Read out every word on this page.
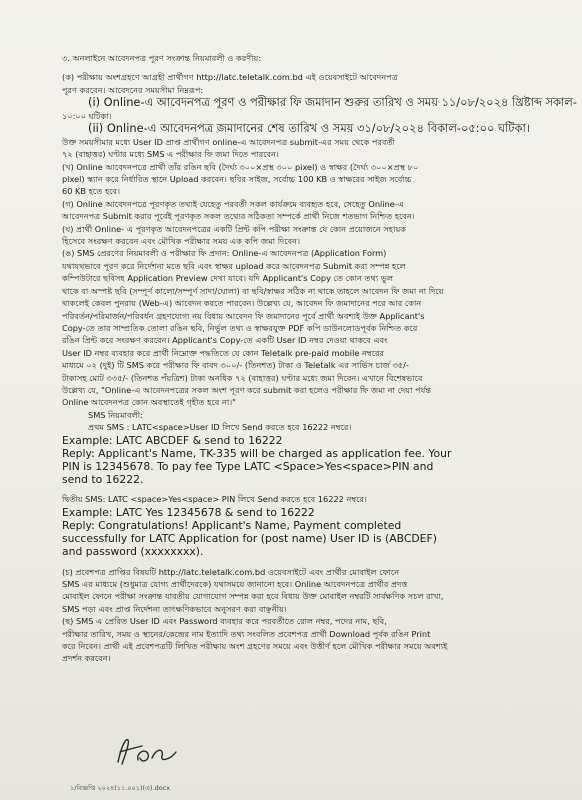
৩. অনলাইনে আবেদনপত্র পূরণ সংক্রান্ত নিয়মাবলী ও করণীয়:
(ক) পরীক্ষায় অংশগ্রহণে আগ্রহী প্রার্থীগণ http://latc.teletalk.com.bd এই ওয়েবসাইটে আবেদনপত্র
পূরণ করবেন। আবেদনের সময়সীমা নিম্নরূপ:
(i) Online-এ আবেদনপত্র পূরণ ও পরীক্ষার ফি জমাদান শুরুর তারিখ ও সময় ১১/০৮/২০২৪ খ্রিষ্টাব্দ সকাল-
১০:০০ ঘটিকা।
(ii) Online-এ আবেদনপত্র জমাদানের শেষ তারিখ ও সময় ৩১/০৮/২০২৪ বিকাল-০৫:০০ ঘটিকা।
উক্ত সময়সীমার মধ্যে User ID প্রাপ্ত প্রার্থীগণ online-এ আবেদনপত্র submit-এর সময় থেকে পরবর্তী
৭২ (বাহাত্তর) ঘণ্টার মধ্যে SMS এ পরীক্ষার ফি জমা দিতে পারবেন।
(খ) Online আবেদনপত্রে প্রার্থী তাঁর রঙিন ছবি (দৈর্ঘ্য ৩০০×প্রস্থ ৩০০ pixel) ও স্বাক্ষর (দৈর্ঘ্য ৩০০×প্রস্থ ৮০
pixel) স্ক্যান করে নির্ধারিত স্থানে Upload করবেন। ছবির সাইজ, সর্বোচ্চ 100 KB ও স্বাক্ষরের সাইজ সর্বোচ্চ
60 KB হতে হবে।
(গ) Online আবেদনপত্রে পূরণকৃত তথ্যই যেহেতু পরবর্তী সকল কার্যক্রমে ব্যবহৃত হবে, সেহেতু Online-এ
আবেদনপত্র Submit করার পূর্বেই পূরণকৃত সকল তথ্যের সঠিকতা সম্পর্কে প্রার্থী নিজে শতভাগ নিশ্চিত হবেন।
(ঘ) প্রার্থী Online- এ পূরণকৃত আবেদনপত্রের একটি প্রিন্ট কপি পরীক্ষা সংক্রান্ত যে কোন প্রয়োজনে সহায়ক
হিসেবে সংরক্ষণ করবেন এবং মৌখিক পরীক্ষার সময় এক কপি জমা দিবেন।
(ঙ) SMS প্রেরণের নিয়মাবলী ও পরীক্ষার ফি প্রদান: Online-এ আবেদনপত্র (Application Form)
যথাযথভাবে পূরণ করে নির্দেশনা মতে ছবি এবং স্বাক্ষর upload করে আবেদনপত্র Submit করা সম্পন্ন হলে
কম্পিউটারে ছবিসহ Application Preview দেখা যাবে। যদি Applicant's Copy তে কোন তথ্য ভুল
থাকে বা অস্পষ্ট ছবি (সম্পূর্ণ কালো/সম্পূর্ণ সাদা/ঘোলা) বা ছবি/স্বাক্ষর সঠিক না থাকে তাহলে আবেদন ফি জমা না দিয়ে
থাকলেই কেবল পুনরায় (Web-এ) আবেদন করতে পারবেন। উল্লেখ্য যে, আবেদন ফি জমাদানের পরে আর কোন
পরিবর্তন/পরিমার্জন/পরিবর্ধন গ্রহণযোগ্য নয় বিধায় আবেদন ফি জমাদানের পূর্বে প্রার্থী অবশ্যই উক্ত Applicant's
Copy-তে তার সাম্প্রতিক তোলা রঙিন ছবি, নির্ভুল তথ্য ও স্বাক্ষরযুক্ত PDF কপি ডাউনলোডপূর্বক নিশ্চিত করে
রঙিন প্রিন্ট করে সংরক্ষণ করবেন। Applicant's Copy-তে একটি User ID নম্বর দেওয়া থাকবে এবং
User ID নম্বর ব্যবহার করে প্রার্থী নিম্নোক্ত পদ্ধতিতে যে কোন Teletalk pre-paid mobile নম্বরের
মাধ্যমে ০২ (দুই) টি SMS করে পরীক্ষার ফি বাবদ ৩০০/- (তিনশত) টাকা ও Teletalk এর সার্ভিস চার্জ ৩৫/-
টাকাসহ মোট ৩৩৫/- (তিনশত পঁয়ত্রিশ) টাকা অনধিক ৭২ (বাহাত্তর) ঘণ্টার মধ্যে জমা দিবেন। এখানে বিশেষভাবে
উল্লেখ্য যে, "Online-এ আবেদনপত্রের সকল অংশ পূরণ করে submit করা হলেও পরীক্ষার ফি জমা না দেয়া পর্যন্ত
Online আবেদনপত্র কোন অবস্থাতেই গৃহীত হবে না।"
SMS নিয়মাবলী:
প্রথম SMS : LATC<space>User ID লিখে Send করতে হবে 16222 নম্বরে।
Example: LATC ABCDEF & send to 16222
Reply: Applicant's Name, TK-335 will be charged as application fee. Your
PIN is 12345678. To pay fee Type LATC <Space>Yes<space>PIN and
send to 16222.
দ্বিতীয় SMS: LATC <space>Yes<space> PIN লিখে Send করতে হবে 16222 নম্বরে।
Example: LATC Yes 12345678 & send to 16222
Reply: Congratulations! Applicant's Name, Payment completed
successfully for LATC Application for (post name) User ID is (ABCDEF)
and password (xxxxxxxx).
(চ) প্রবেশপত্র প্রাপ্তির বিষয়টি http://latc.teletalk.com.bd ওয়েবসাইটে এবং প্রার্থীর মোবাইল ফোনে
SMS এর মাধ্যমে (শুধুমাত্র যোগ্য প্রার্থীদেরকে) যথাসময়ে জানানো হবে। Online আবেদনপত্রে প্রার্থীর প্রদত্ত
মোবাইল ফোনে পরীক্ষা সংক্রান্ত যাবতীয় যোগাযোগ সম্পন্ন করা হবে বিধায় উক্ত মোবাইল নম্বরটি সার্বক্ষণিক সচল রাখা,
SMS পড়া এবং প্রাপ্ত নির্দেশনা তাৎক্ষণিকভাবে অনুসরণ করা বাঞ্ছনীয়।
(ছ) SMS এ প্রেরিত User ID এবং Password ব্যবহার করে পরবর্তীতে রোল নম্বর, পদের নাম, ছবি,
পরীক্ষার তারিখ, সময় ও স্থানের/কেন্দ্রের নাম ইত্যাদি তথ্য সংবলিত প্রবেশপত্র প্রার্থী Download পূর্বক রঙিন Print
করে নিবেন। প্রার্থী এই প্রবেশপত্রটি লিখিত পরীক্ষায় অংশ গ্রহণের সময়ে এবং উত্তীর্ণ হলে মৌখিক পরীক্ষার সময়ে অবশ্যই
প্রদর্শন করবেন।
১/বিজ্ঞপ্তি ২০২৪(১১.০০১)(এ).docx
